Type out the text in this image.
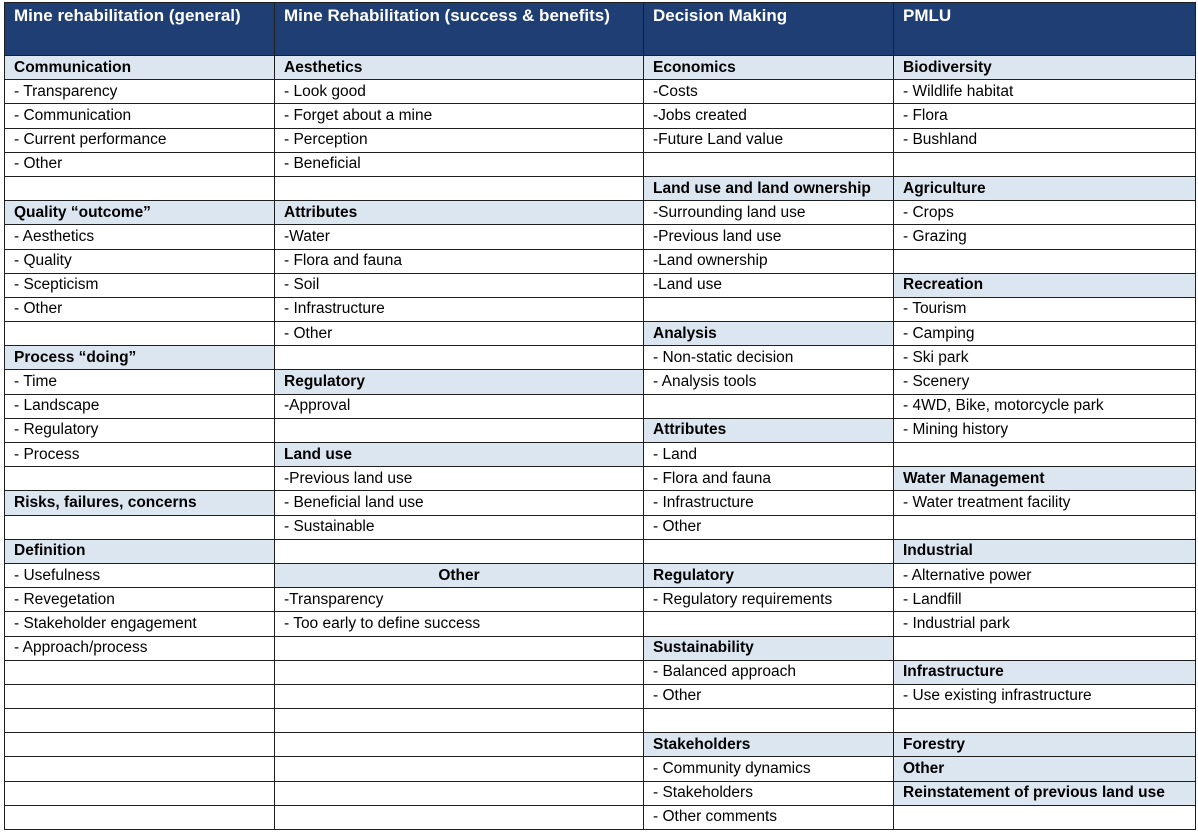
Mine rehabilitation (general)	Mine Rehabilitation (success & benefits)	Decision Making	PMLU
Communication	Aesthetics	Economics	Biodiversity
- Transparency	- Look good	-Costs	- Wildlife habitat
- Communication	- Forget about a mine	-Jobs created	- Flora
- Current performance	- Perception	-Future Land value	- Bushland
- Other	- Beneficial		
		Land use and land ownership	Agriculture
Quality “outcome”	Attributes	-Surrounding land use	- Crops
- Aesthetics	-Water	-Previous land use	- Grazing
- Quality	- Flora and fauna	-Land ownership	
- Scepticism	- Soil	-Land use	Recreation
- Other	- Infrastructure		- Tourism
	- Other	Analysis	- Camping
Process “doing”		- Non-static decision	- Ski park
- Time	Regulatory	- Analysis tools	- Scenery
- Landscape	-Approval		- 4WD, Bike, motorcycle park
- Regulatory		Attributes	- Mining history
- Process	Land use	- Land	
	-Previous land use	- Flora and fauna	Water Management
Risks, failures, concerns	- Beneficial land use	- Infrastructure	- Water treatment facility
	- Sustainable	- Other	
Definition			Industrial
- Usefulness	Other	Regulatory	- Alternative power
- Revegetation	-Transparency	- Regulatory requirements	- Landfill
- Stakeholder engagement	- Too early to define success		- Industrial park
- Approach/process		Sustainability	
		- Balanced approach	Infrastructure
		- Other	- Use existing infrastructure

		Stakeholders	Forestry
		- Community dynamics	Other
		- Stakeholders	Reinstatement of previous land use
		- Other comments	
